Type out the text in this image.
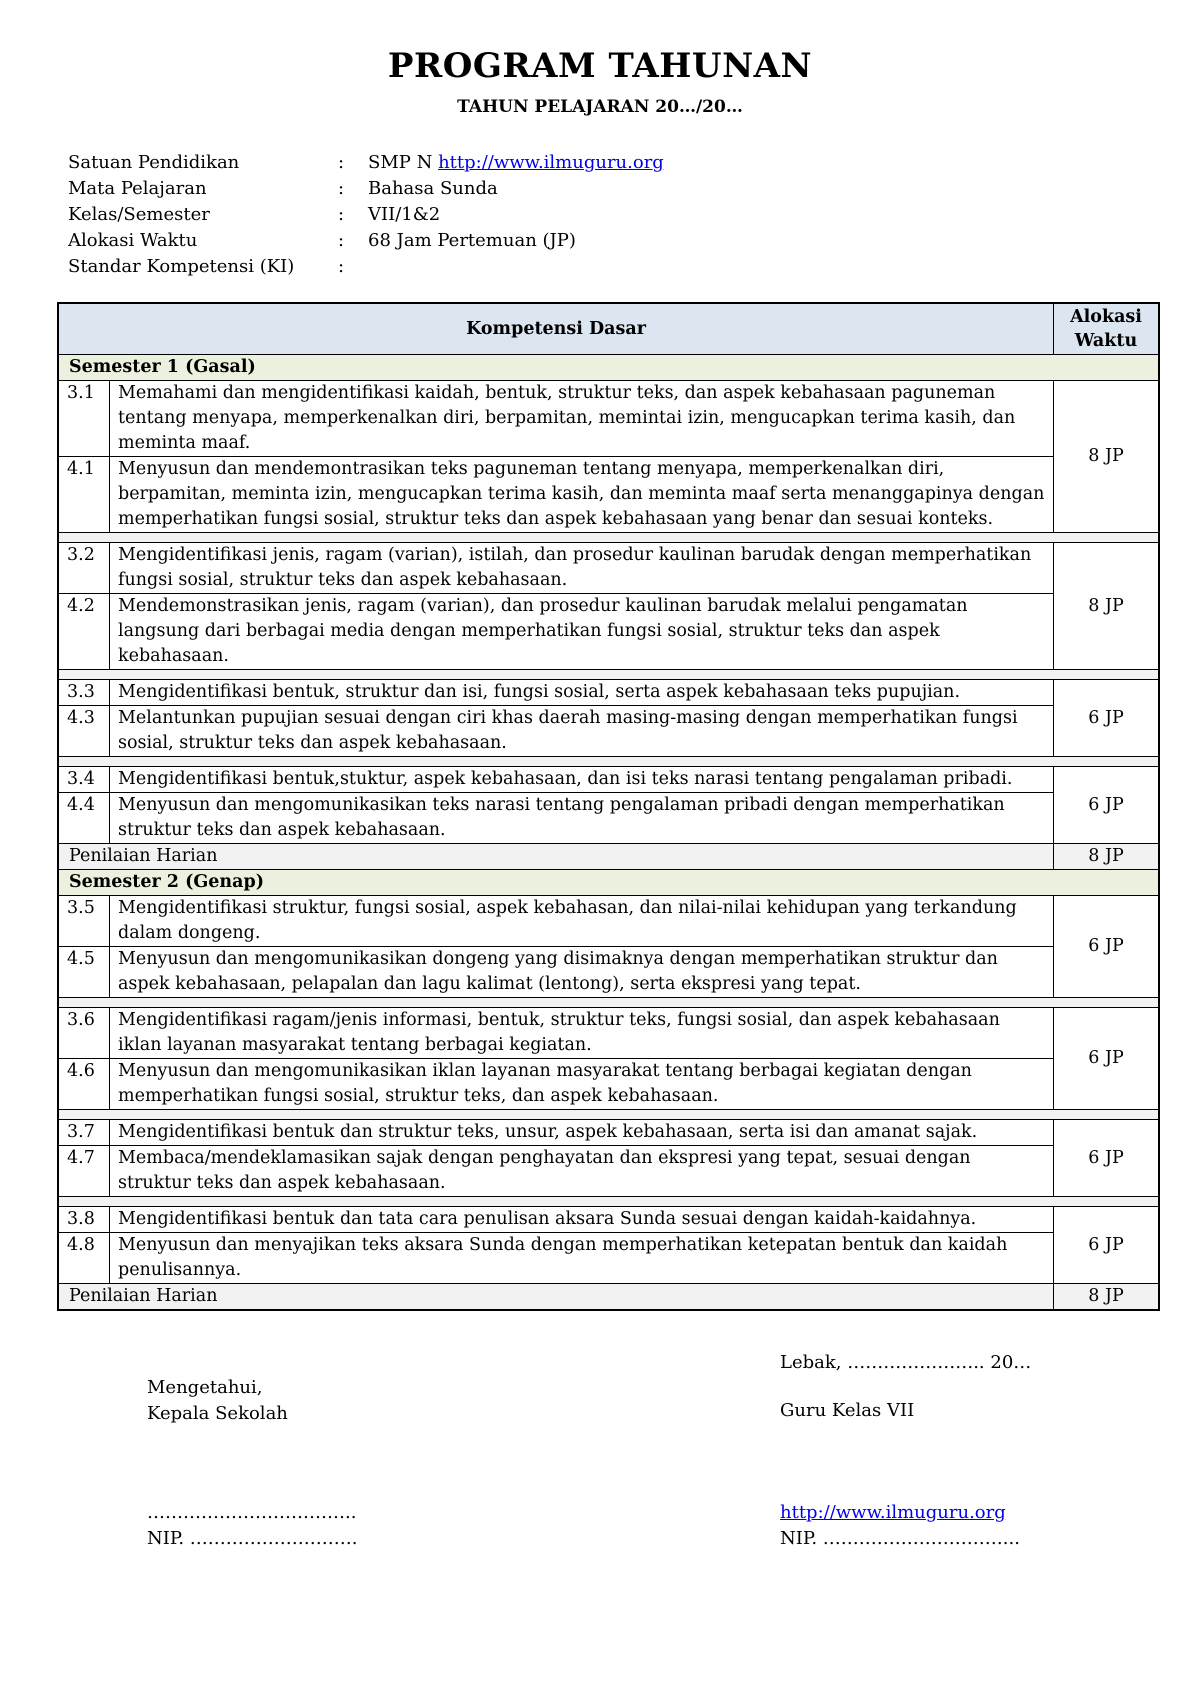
PROGRAM TAHUNAN
TAHUN PELAJARAN 20…/20…
Satuan Pendidikan	:	SMP N http://www.ilmuguru.org
Mata Pelajaran	:	Bahasa Sunda
Kelas/Semester	:	VII/1&2
Alokasi Waktu	:	68 Jam Pertemuan (JP)
Standar Kompetensi (KI)	:
Kompetensi Dasar		Alokasi Waktu
Semester 1 (Gasal)		
3.1	Memahami dan mengidentifikasi kaidah, bentuk, struktur teks, dan aspek kebahasaan paguneman tentang menyapa, memperkenalkan diri, berpamitan, memintai izin, mengucapkan terima kasih, dan meminta maaf.	8 JP
4.1	Menyusun dan mendemontrasikan teks paguneman tentang menyapa, memperkenalkan diri, berpamitan, meminta izin, mengucapkan terima kasih, dan meminta maaf serta menanggapinya dengan memperhatikan fungsi sosial, struktur teks dan aspek kebahasaan yang benar dan sesuai konteks.	

3.2	Mengidentifikasi jenis, ragam (varian), istilah, dan prosedur kaulinan barudak dengan memperhatikan fungsi sosial, struktur teks dan aspek kebahasaan.	8 JP
4.2	Mendemonstrasikan jenis, ragam (varian), dan prosedur kaulinan barudak melalui pengamatan langsung dari berbagai media dengan memperhatikan fungsi sosial, struktur teks dan aspek kebahasaan.	

3.3	Mengidentifikasi bentuk, struktur dan isi, fungsi sosial, serta aspek kebahasaan teks pupujian.	6 JP
4.3	Melantunkan pupujian sesuai dengan ciri khas daerah masing-masing dengan memperhatikan fungsi sosial, struktur teks dan aspek kebahasaan.	

3.4	Mengidentifikasi bentuk,stuktur, aspek kebahasaan, dan isi teks narasi tentang pengalaman pribadi.	6 JP
4.4	Menyusun dan mengomunikasikan teks narasi tentang pengalaman pribadi dengan memperhatikan struktur teks dan aspek kebahasaan.	
Penilaian Harian		8 JP
Semester 2 (Genap)		
3.5	Mengidentifikasi struktur, fungsi sosial, aspek kebahasan, dan nilai-nilai kehidupan yang terkandung dalam dongeng.	6 JP
4.5	Menyusun dan mengomunikasikan dongeng yang disimaknya dengan memperhatikan struktur dan aspek kebahasaan, pelapalan dan lagu kalimat (lentong), serta ekspresi yang tepat.	

3.6	Mengidentifikasi ragam/jenis informasi, bentuk, struktur teks, fungsi sosial, dan aspek kebahasaan iklan layanan masyarakat tentang berbagai kegiatan.	6 JP
4.6	Menyusun dan mengomunikasikan iklan layanan masyarakat tentang berbagai kegiatan dengan memperhatikan fungsi sosial, struktur teks, dan aspek kebahasaan.	

3.7	Mengidentifikasi bentuk dan struktur teks, unsur, aspek kebahasaan, serta isi dan amanat sajak.	6 JP
4.7	Membaca/mendeklamasikan sajak dengan penghayatan dan ekspresi yang tepat, sesuai dengan struktur teks dan aspek kebahasaan.	

3.8	Mengidentifikasi bentuk dan tata cara penulisan aksara Sunda sesuai dengan kaidah-kaidahnya.	6 JP
4.8	Menyusun dan menyajikan teks aksara Sunda dengan memperhatikan ketepatan bentuk dan kaidah penulisannya.	
Penilaian Harian		8 JP
Lebak, ………………….. 20…
Mengetahui,
Kepala Sekolah	Guru Kelas VII
……………………………..
NIP. ……………………….
http://www.ilmuguru.org
NIP. …………………………...
